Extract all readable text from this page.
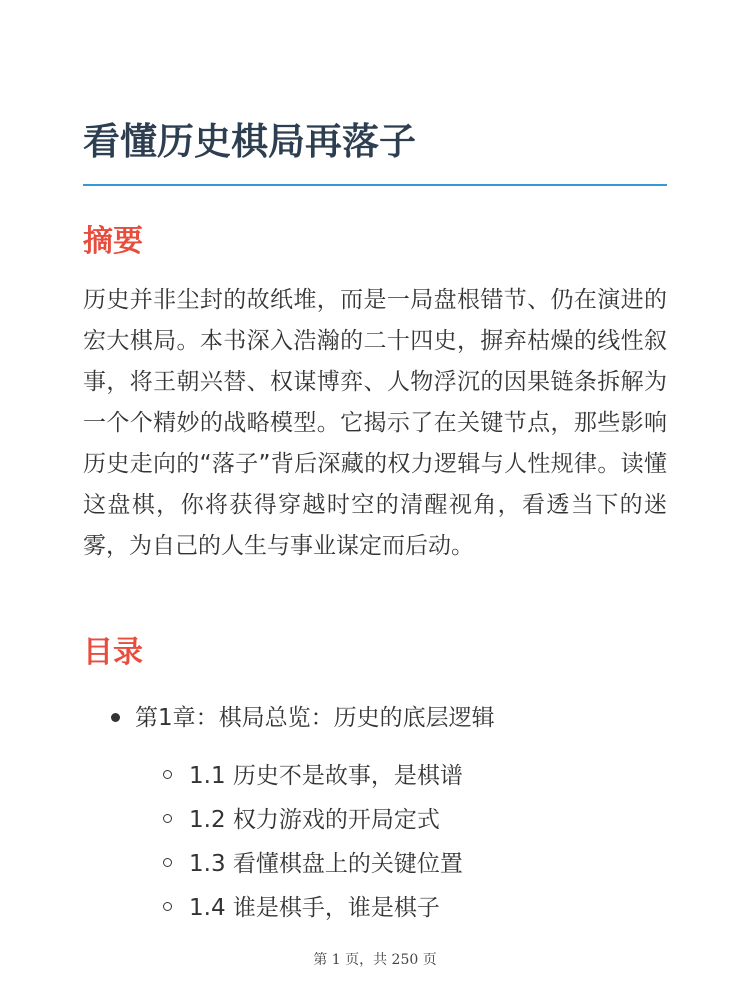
看懂历史棋局再落子
摘要

历史并非尘封的故纸堆，而是一局盘根错节、仍在演进的宏大棋局。本书深入浩瀚的二十四史，摒弃枯燥的线性叙事，将王朝兴替、权谋博弈、人物浮沉的因果链条拆解为一个个精妙的战略模型。它揭示了在关键节点，那些影响历史走向的“落子”背后深藏的权力逻辑与人性规律。读懂这盘棋，你将获得穿越时空的清醒视角，看透当下的迷雾，为自己的人生与事业谋定而后动。

目录
第1章：棋局总览：历史的底层逻辑
1.1 历史不是故事，是棋谱
1.2 权力游戏的开局定式
1.3 看懂棋盘上的关键位置
1.4 谁是棋手，谁是棋子
第 1 页，共 250 页
